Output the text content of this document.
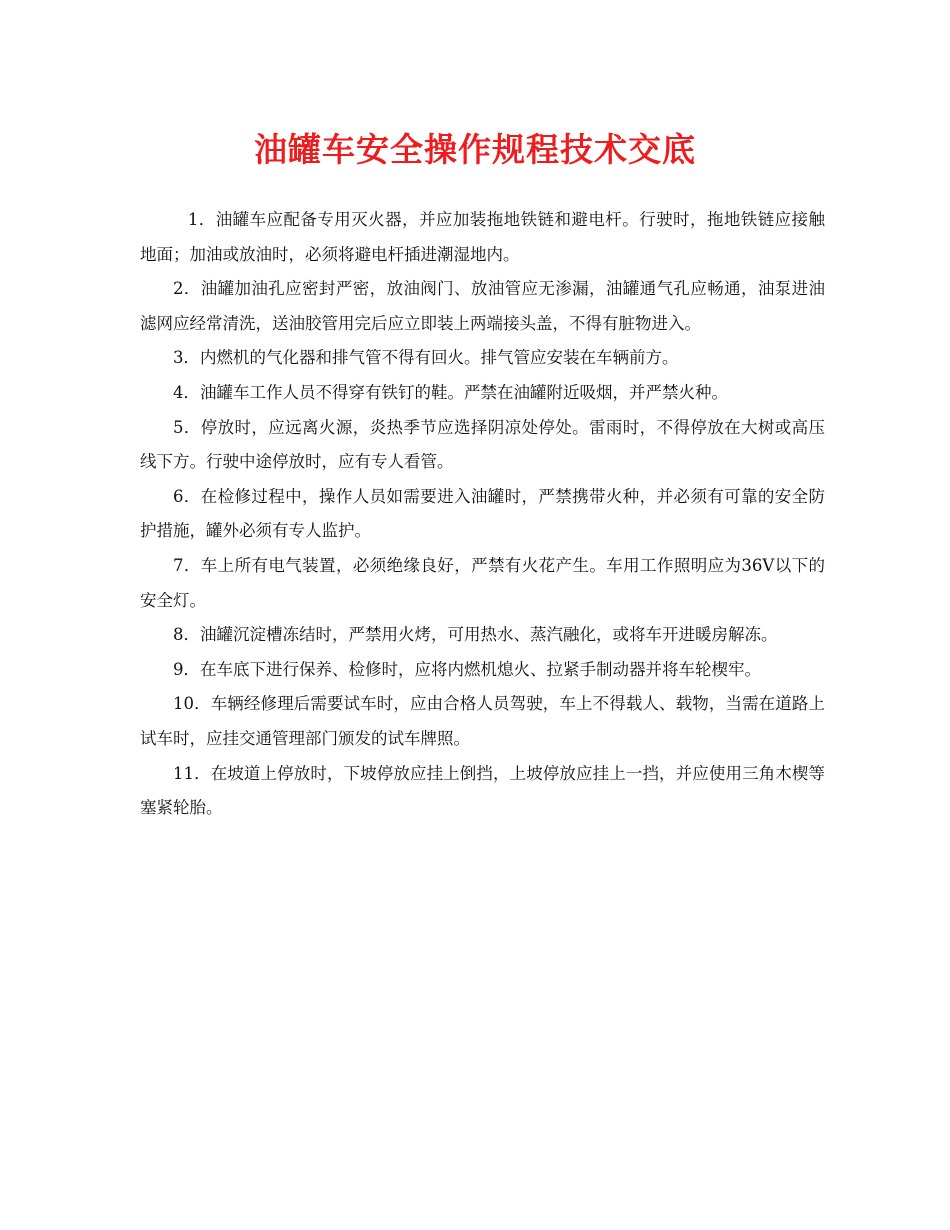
油罐车安全操作规程技术交底

1．油罐车应配备专用灭火器，并应加装拖地铁链和避电杆。行驶时，拖地铁链应接触地面；加油或放油时，必须将避电杆插进潮湿地内。

2．油罐加油孔应密封严密，放油阀门、放油管应无渗漏，油罐通气孔应畅通，油泵进油滤网应经常清洗，送油胶管用完后应立即装上两端接头盖，不得有脏物进入。

3．内燃机的气化器和排气管不得有回火。排气管应安装在车辆前方。

4．油罐车工作人员不得穿有铁钉的鞋。严禁在油罐附近吸烟，并严禁火种。

5．停放时，应远离火源，炎热季节应选择阴凉处停处。雷雨时，不得停放在大树或高压线下方。行驶中途停放时，应有专人看管。

6．在检修过程中，操作人员如需要进入油罐时，严禁携带火种，并必须有可靠的安全防护措施，罐外必须有专人监护。

7．车上所有电气装置，必须绝缘良好，严禁有火花产生。车用工作照明应为36V以下的安全灯。

8．油罐沉淀槽冻结时，严禁用火烤，可用热水、蒸汽融化，或将车开进暖房解冻。

9．在车底下进行保养、检修时，应将内燃机熄火、拉紧手制动器并将车轮楔牢。

10．车辆经修理后需要试车时，应由合格人员驾驶，车上不得载人、载物，当需在道路上试车时，应挂交通管理部门颁发的试车牌照。

11．在坡道上停放时，下坡停放应挂上倒挡，上坡停放应挂上一挡，并应使用三角木楔等塞紧轮胎。
